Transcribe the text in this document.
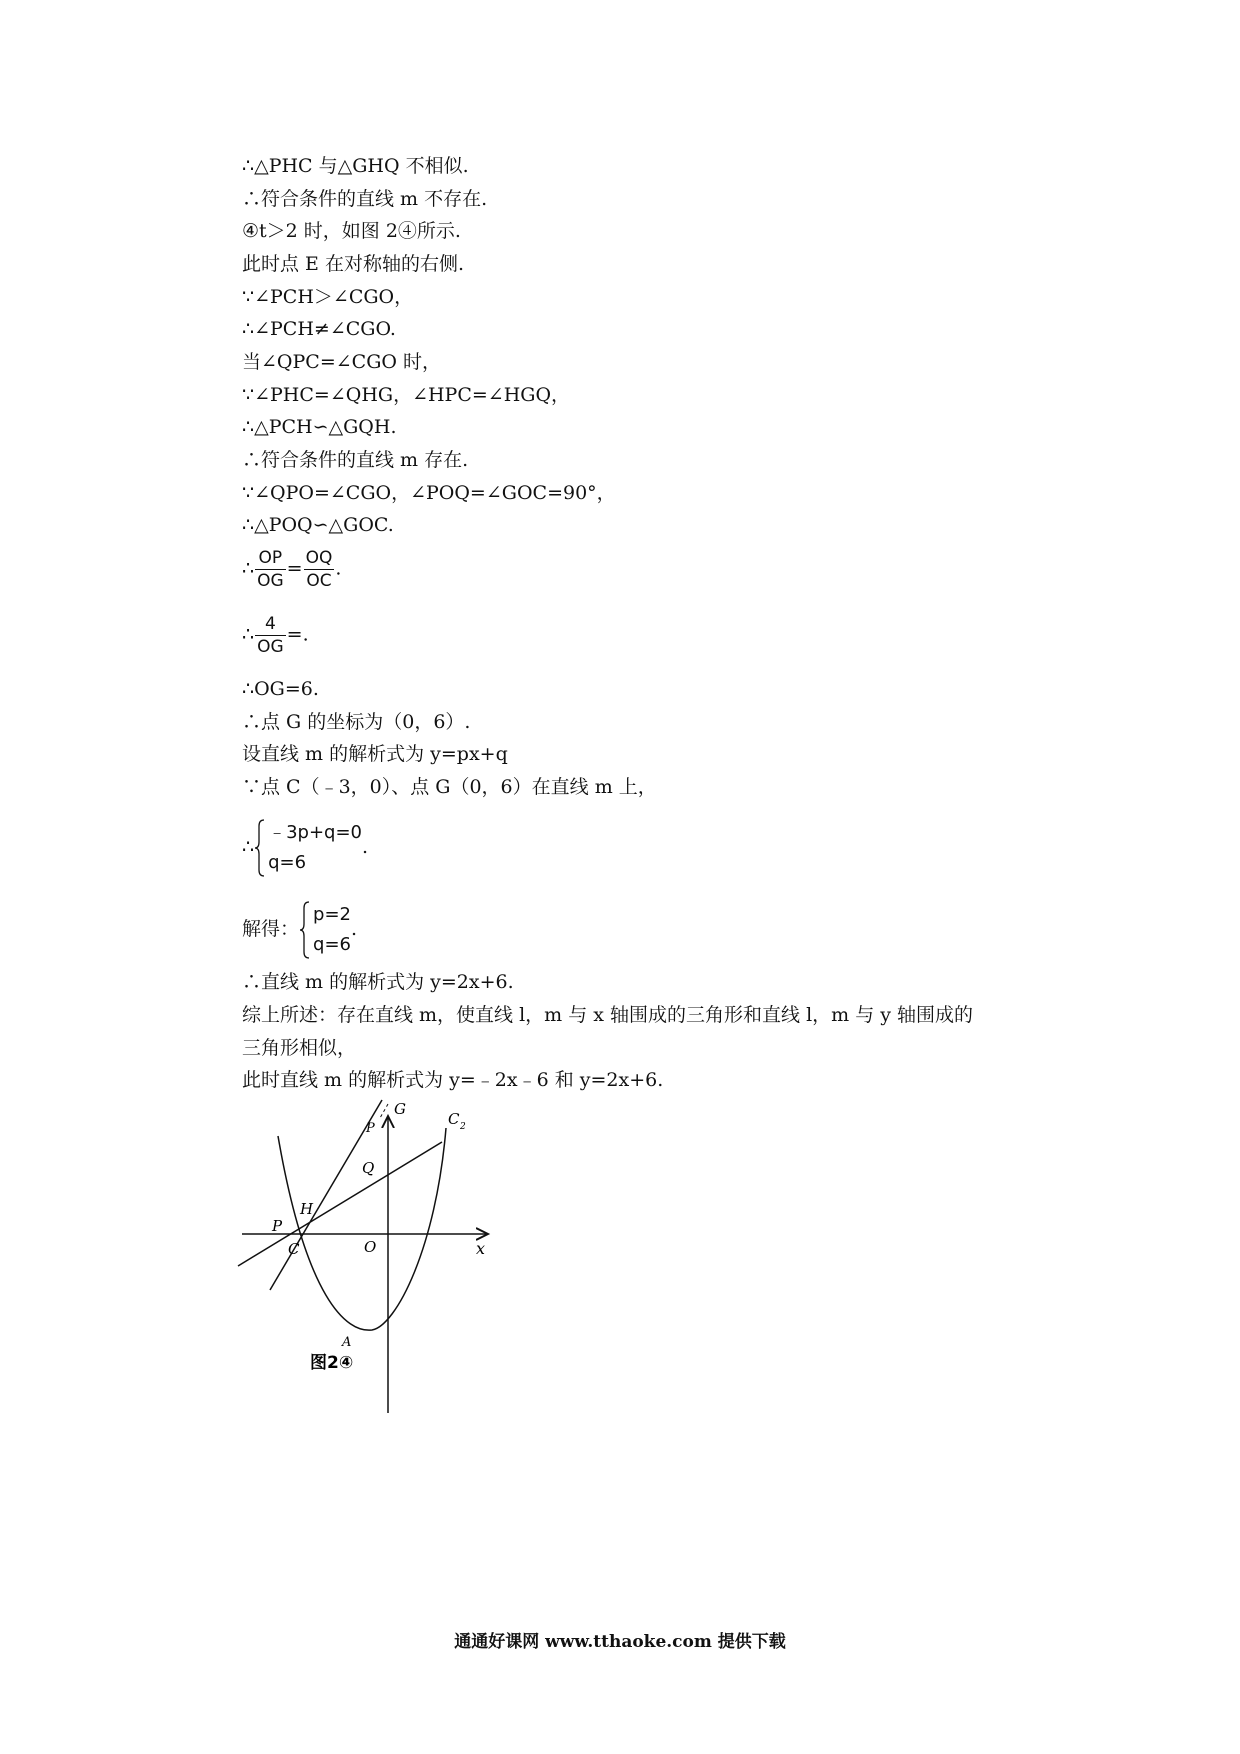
∴△PHC 与△GHQ 不相似.
∴符合条件的直线 m 不存在.
④t＞2 时，如图 2④所示.
此时点 E 在对称轴的右侧.
∵∠PCH＞∠CGO，
∴∠PCH≠∠CGO.
当∠QPC=∠CGO 时，
∵∠PHC=∠QHG，∠HPC=∠HGQ，
∴△PCH∽△GQH.
∴符合条件的直线 m 存在.
∵∠QPO=∠CGO，∠POQ=∠GOC=90°，
∴△POQ∽△GOC.
∴ $\frac{OP}{OG} = \frac{OQ}{OC}$ .
∴ $\frac{4}{OG}$ =.
∴OG=6.
∴点 G 的坐标为（0，6）.
设直线 m 的解析式为 y=px+q
∵点 C（﹣3，0）、点 G（0，6）在直线 m 上，
∴
﹣3p+q=0
q=6
.
解得：
p=2
q=6
.
∴直线 m 的解析式为 y=2x+6.
综上所述：存在直线 m，使直线 l，m 与 x 轴围成的三角形和直线 l，m 与 y 轴围成的
三角形相似，
此时直线 m 的解析式为 y=﹣2x﹣6 和 y=2x+6.
G
C 2
P
Q
H
P
C	O	x
A
图2④
通通好课网 www.tthaoke.com 提供下载
